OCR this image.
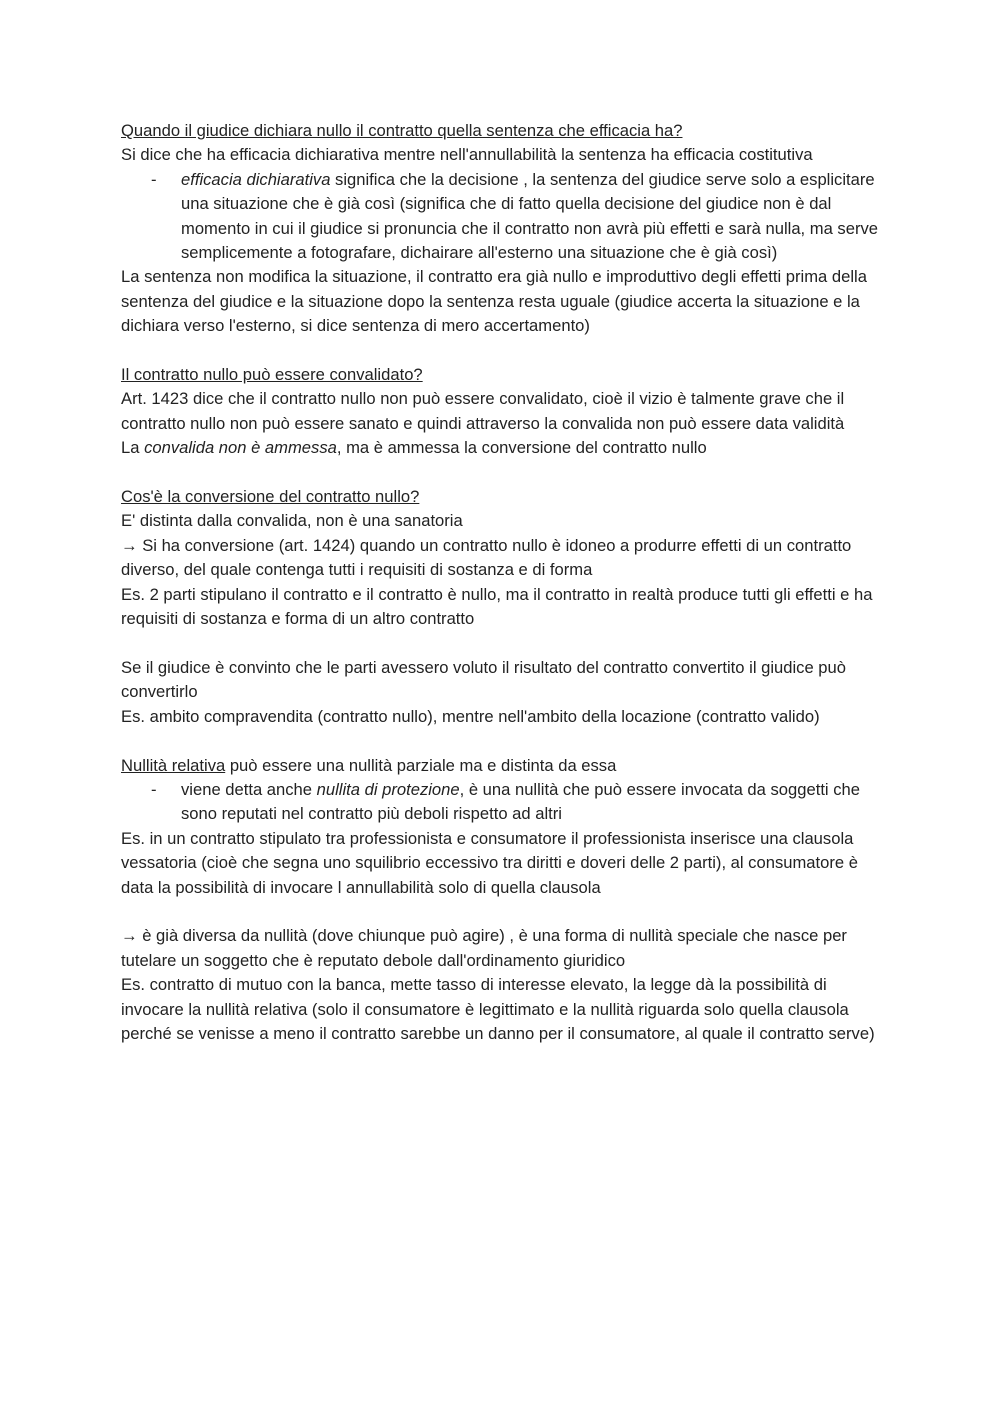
Quando il giudice dichiara nullo il contratto quella sentenza che efficacia ha?

Si dice che ha efficacia dichiarativa mentre nell'annullabilità la sentenza ha efficacia costitutiva

- efficacia dichiarativa significa che la decisione , la sentenza del giudice serve solo a esplicitare una situazione che è già così (significa che di fatto quella decisione del giudice non è dal momento in cui il giudice si pronuncia che il contratto non avrà più effetti e sarà nulla, ma serve semplicemente a fotografare, dichairare all'esterno una situazione che è già così)

La sentenza non modifica la situazione, il contratto era già nullo e improduttivo degli effetti prima della sentenza del giudice e la situazione dopo la sentenza resta uguale (giudice accerta la situazione e la dichiara verso l'esterno, si dice sentenza di mero accertamento)

Il contratto nullo può essere convalidato?

Art. 1423 dice che il contratto nullo non può essere convalidato, cioè il vizio è talmente grave che il contratto nullo non può essere sanato e quindi attraverso la convalida non può essere data validità

La convalida non è ammessa, ma è ammessa la conversione del contratto nullo

Cos'è la conversione del contratto nullo?

E' distinta dalla convalida, non è una sanatoria

→ Si ha conversione (art. 1424) quando un contratto nullo è idoneo a produrre effetti di un contratto diverso, del quale contenga tutti i requisiti di sostanza e di forma

Es. 2 parti stipulano il contratto e il contratto è nullo, ma il contratto in realtà produce tutti gli effetti e ha requisiti di sostanza e forma di un altro contratto

Se il giudice è convinto che le parti avessero voluto il risultato del contratto convertito il giudice può convertirlo

Es. ambito compravendita (contratto nullo), mentre nell'ambito della locazione (contratto valido)

Nullità relativa può essere una nullità parziale ma e distinta da essa

- viene detta anche nullita di protezione, è una nullità che può essere invocata da soggetti che sono reputati nel contratto più deboli rispetto ad altri

Es. in un contratto stipulato tra professionista e consumatore il professionista inserisce una clausola vessatoria (cioè che segna uno squilibrio eccessivo tra diritti e doveri delle 2 parti), al consumatore è data la possibilità di invocare l annullabilità solo di quella clausola

→ è già diversa da nullità (dove chiunque può agire) , è una forma di nullità speciale che nasce per tutelare un soggetto che è reputato debole dall'ordinamento giuridico

Es. contratto di mutuo con la banca, mette tasso di interesse elevato, la legge dà la possibilità di invocare la nullità relativa (solo il consumatore è legittimato e la nullità riguarda solo quella clausola perché se venisse a meno il contratto sarebbe un danno per il consumatore, al quale il contratto serve)
